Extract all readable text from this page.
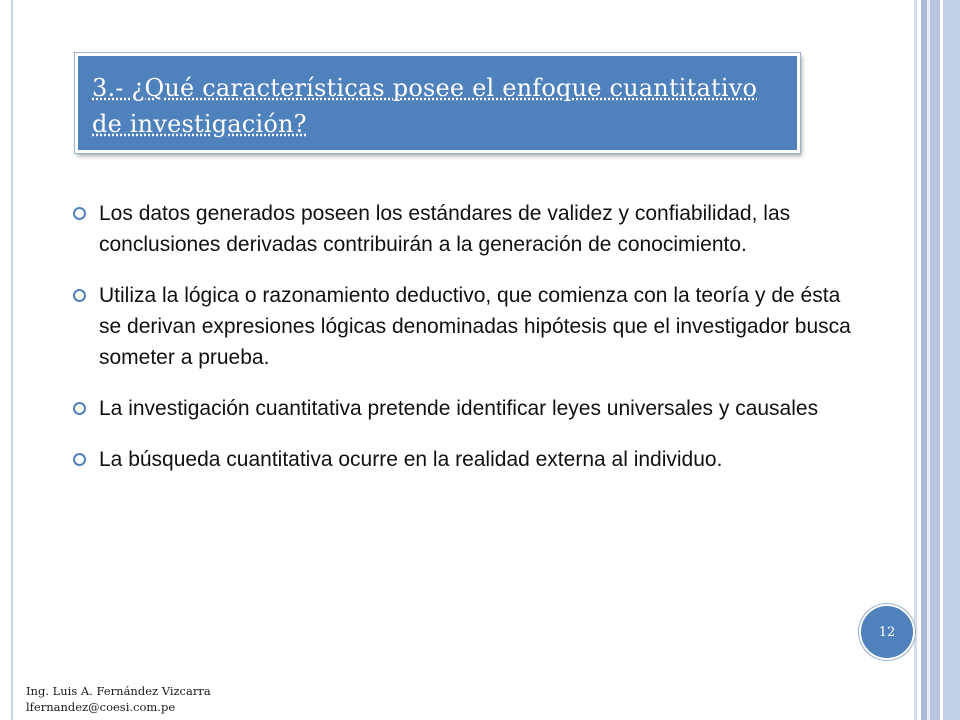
3.- ¿Qué características posee el enfoque cuantitativo de investigación?
Los datos generados poseen los estándares de validez y confiabilidad, las conclusiones derivadas contribuirán a la generación de conocimiento.
Utiliza la lógica o razonamiento deductivo, que comienza con la teoría y de ésta se derivan expresiones lógicas denominadas hipótesis que el investigador busca someter a prueba.
La investigación cuantitativa pretende identificar leyes universales y causales
La búsqueda cuantitativa ocurre en la realidad externa al individuo.
12
Ing. Luis A. Fernández Vizcarra
lfernandez@coesi.com.pe
